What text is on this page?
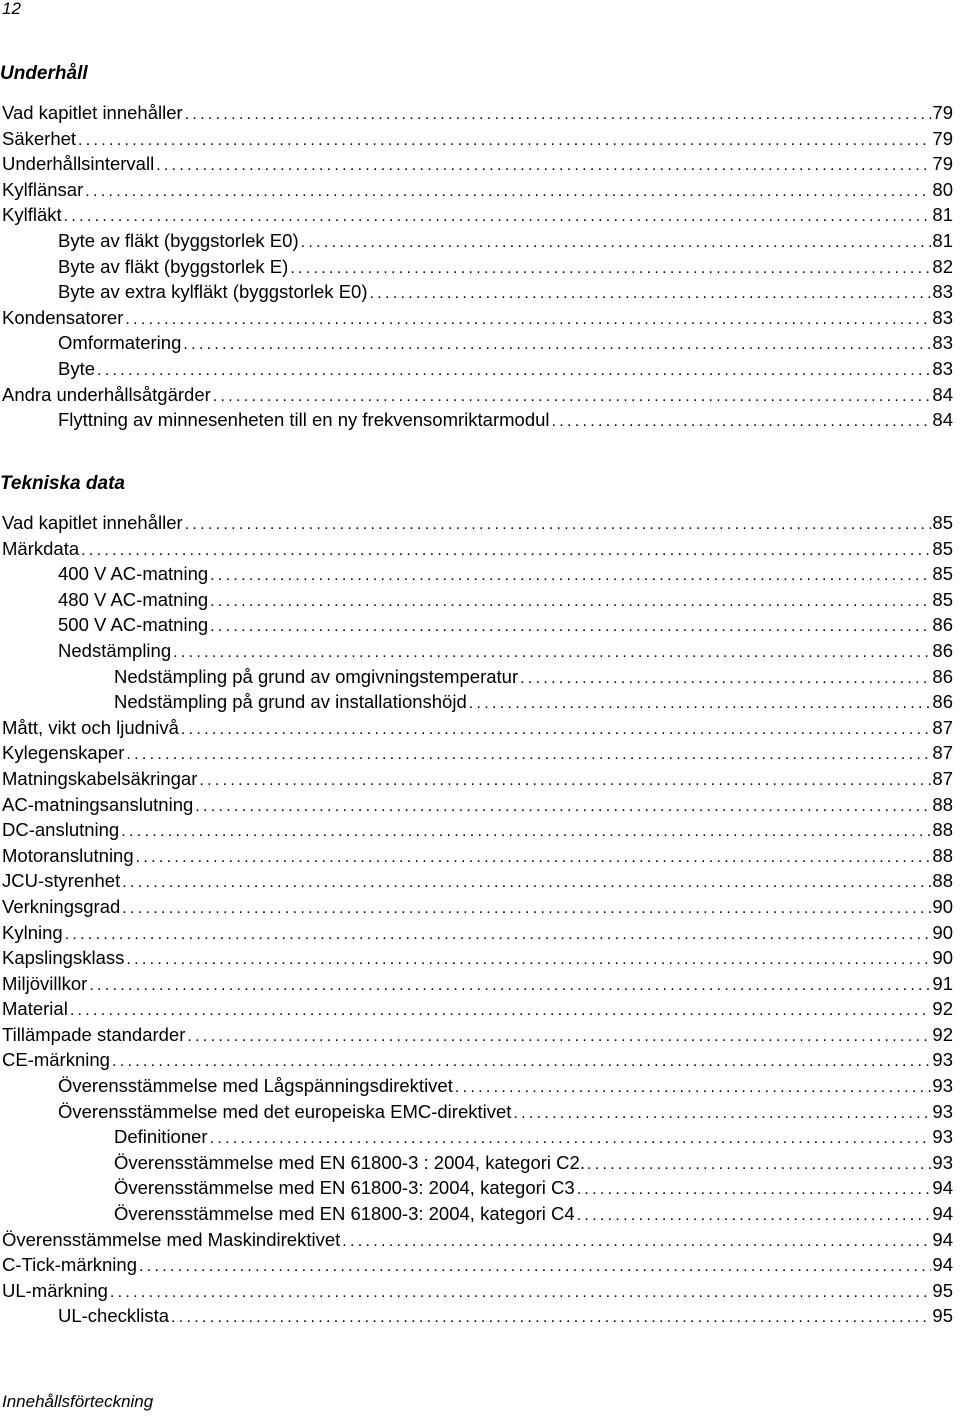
12
Underhåll
Vad kapitlet innehåller .....	79
Säkerhet .....	79
Underhållsintervall .....	79
Kylflänsar .....	80
Kylfläkt .....	81
Byte av fläkt (byggstorlek E0) .....	81
Byte av fläkt (byggstorlek E) .....	82
Byte av extra kylfläkt (byggstorlek E0) .....	83
Kondensatorer .....	83
Omformatering .....	83
Byte .....	83
Andra underhållsåtgärder .....	84
Flyttning av minnesenheten till en ny frekvensomriktarmodul .....	84
Tekniska data
Vad kapitlet innehåller .....	85
Märkdata .....	85
400 V AC-matning .....	85
480 V AC-matning .....	85
500 V AC-matning .....	86
Nedstämpling .....	86
Nedstämpling på grund av omgivningstemperatur .....	86
Nedstämpling på grund av installationshöjd .....	86
Mått, vikt och ljudnivå .....	87
Kylegenskaper .....	87
Matningskabelsäkringar .....	87
AC-matningsanslutning .....	88
DC-anslutning .....	88
Motoranslutning .....	88
JCU-styrenhet .....	88
Verkningsgrad .....	90
Kylning .....	90
Kapslingsklass .....	90
Miljövillkor .....	91
Material .....	92
Tillämpade standarder .....	92
CE-märkning .....	93
Överensstämmelse med Lågspänningsdirektivet .....	93
Överensstämmelse med det europeiska EMC-direktivet .....	93
Definitioner .....	93
Överensstämmelse med EN 61800-3 : 2004, kategori C2. .....	93
Överensstämmelse med EN 61800-3: 2004, kategori C3 .....	94
Överensstämmelse med EN 61800-3: 2004, kategori C4 .....	94
Överensstämmelse med Maskindirektivet .....	94
C-Tick-märkning .....	94
UL-märkning .....	95
UL-checklista .....	95
Innehållsförteckning
